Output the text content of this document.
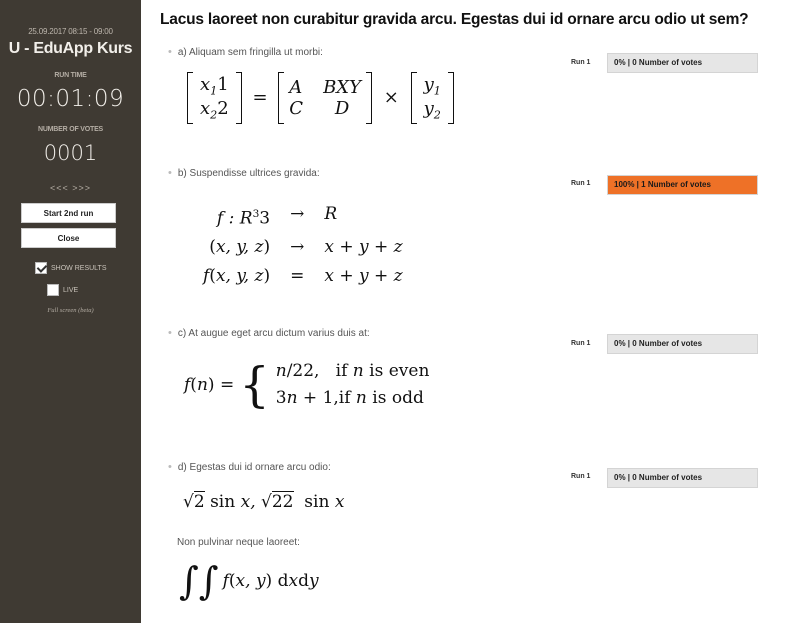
25.09.2017 08:15 - 09:00
U - EduApp Kurs
RUN TIME
00:01:09
NUMBER OF VOTES
0001
<<< >>>
Start 2nd run
Close
SHOW RESULTS
LIVE
Full screen (beta)
Lacus laoreet non curabitur gravida arcu. Egestas dui id ornare arcu odio ut sem?
• a) Aliquam sem fringilla ut morbi:
Run 1	0% | 0 Number of votes
$x_11$
$x_22$
= A BXY
C	D
×
$y_1$
$y_2$
• b) Suspendisse ultrices gravida:
Run 1	100% | 1 Number of votes
f : $R^33 \to R$
(x, y, z) → x + y + z
f(x, y, z) = x + y + z
• c) At augue eget arcu dictum varius duis at:
Run 1	0% | 0 Number of votes
f(n) = { n/22, if n is even
3n + 1,if n is odd
• d) Egestas dui id ornare arcu odio:
Run 1	0% | 0 Number of votes
√2 sin x, √22  sin x
Non pulvinar neque laoreet:
∫∫ f(x, y) dxdy
